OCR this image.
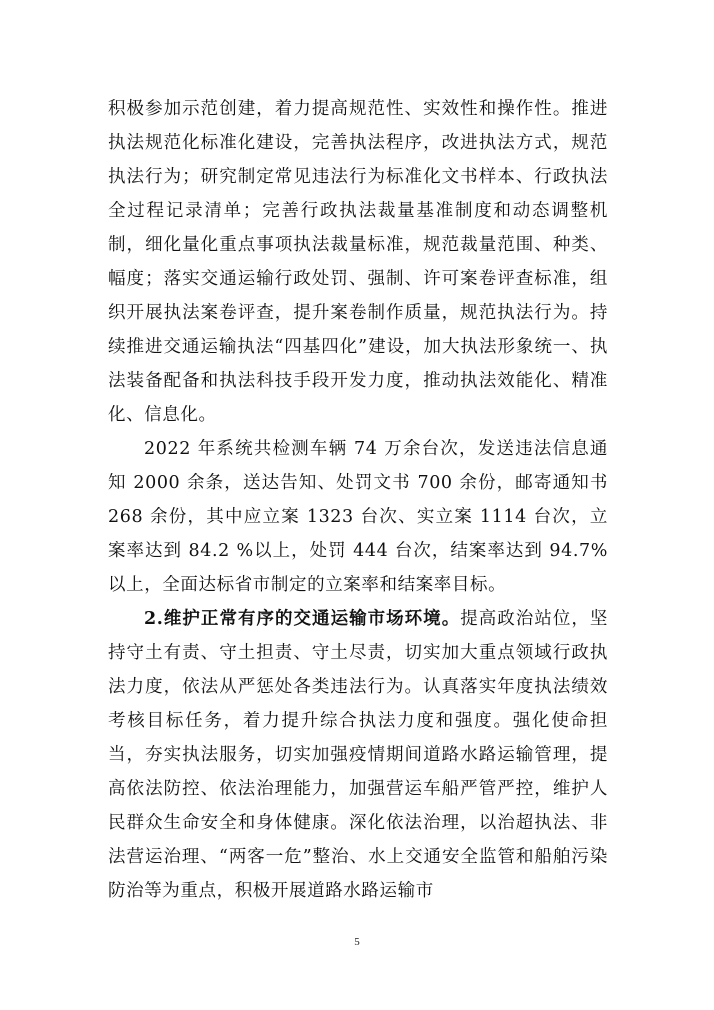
积极参加示范创建，着力提高规范性、实效性和操作性。推进执法规范化标准化建设，完善执法程序，改进执法方式，规范执法行为；研究制定常见违法行为标准化文书样本、行政执法全过程记录清单；完善行政执法裁量基准制度和动态调整机制，细化量化重点事项执法裁量标准，规范裁量范围、种类、幅度；落实交通运输行政处罚、强制、许可案卷评查标准，组织开展执法案卷评查，提升案卷制作质量，规范执法行为。持续推进交通运输执法“四基四化”建设，加大执法形象统一、执法装备配备和执法科技手段开发力度，推动执法效能化、精准化、信息化。

2022 年系统共检测车辆 74 万余台次，发送违法信息通知 2000 余条，送达告知、处罚文书 700 余份，邮寄通知书 268 余份，其中应立案 1323 台次、实立案 1114 台次，立案率达到 84.2 %以上，处罚 444 台次，结案率达到 94.7%以上，全面达标省市制定的立案率和结案率目标。

2.维护正常有序的交通运输市场环境。提高政治站位，坚持守土有责、守土担责、守土尽责，切实加大重点领域行政执法力度，依法从严惩处各类违法行为。认真落实年度执法绩效考核目标任务，着力提升综合执法力度和强度。强化使命担当，夯实执法服务，切实加强疫情期间道路水路运输管理，提高依法防控、依法治理能力，加强营运车船严管严控，维护人民群众生命安全和身体健康。深化依法治理，以治超执法、非法营运治理、“两客一危”整治、水上交通安全监管和船舶污染防治等为重点，积极开展道路水路运输市

5
